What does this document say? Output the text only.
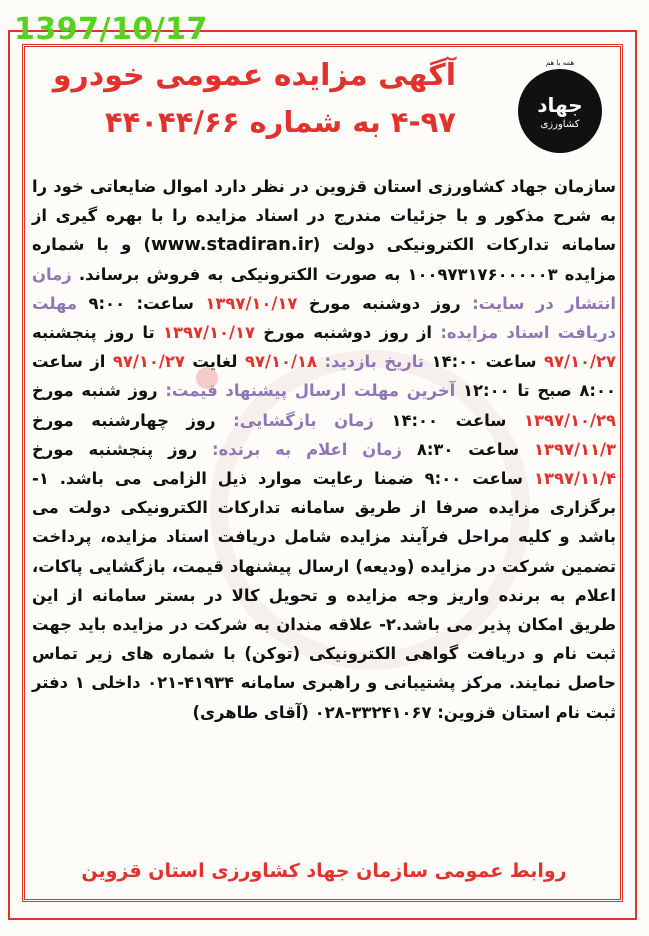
1397/10/17
آگهی مزایده عمومی خودرو
۴-۹۷ به شماره ۴۴۰۴۴/۶۶
همه با هم
جهاد
کشاورزی
سازمان جهاد کشاورزی استان قزوین در نظر دارد اموال ضایعاتی خود را به شرح مذکور و با جزئیات مندرج در اسناد مزایده را با بهره گیری از سامانه تدارکات الکترونیکی دولت (www.stadiran.ir) و با شماره مزایده ۱۰۰۹۷۳۱۷۶۰۰۰۰۰۳ به صورت الکترونیکی به فروش برساند. زمان انتشار در سایت: روز دوشنبه مورخ ۱۳۹۷/۱۰/۱۷ ساعت: ۹:۰۰ مهلت دریافت اسناد مزایده: از روز دوشنبه مورخ ۱۳۹۷/۱۰/۱۷ تا روز پنجشنبه ۹۷/۱۰/۲۷ ساعت ۱۴:۰۰ تاریخ بازدید: ۹۷/۱۰/۱۸ لغایت ۹۷/۱۰/۲۷ از ساعت ۸:۰۰ صبح تا ۱۲:۰۰ آخرین مهلت ارسال پیشنهاد قیمت: روز شنبه مورخ ۱۳۹۷/۱۰/۲۹ ساعت ۱۴:۰۰ زمان بازگشایی: روز چهارشنبه مورخ ۱۳۹۷/۱۱/۳ ساعت ۸:۳۰ زمان اعلام به برنده: روز پنجشنبه مورخ ۱۳۹۷/۱۱/۴ ساعت ۹:۰۰ ضمنا رعایت موارد ذیل الزامی می باشد. ۱- برگزاری مزایده صرفا از طریق سامانه تدارکات الکترونیکی دولت می باشد و کلیه مراحل فرآیند مزایده شامل دریافت اسناد مزایده، پرداخت تضمین شرکت در مزایده (ودیعه) ارسال پیشنهاد قیمت، بازگشایی پاکات، اعلام به برنده واریز وجه مزایده و تحویل کالا در بستر سامانه از این طریق امکان پذیر می باشد.۲- علاقه مندان به شرکت در مزایده باید جهت ثبت نام و دریافت گواهی الکترونیکی (توکن) با شماره های زیر تماس حاصل نمایند. مرکز پشتیبانی و راهبری سامانه ۴۱۹۳۴-۰۲۱ داخلی ۱ دفتر ثبت نام استان قزوین: ۳۳۲۴۱۰۶۷-۰۲۸ (آقای طاهری)
روابط عمومی سازمان جهاد کشاورزی استان قزوین
